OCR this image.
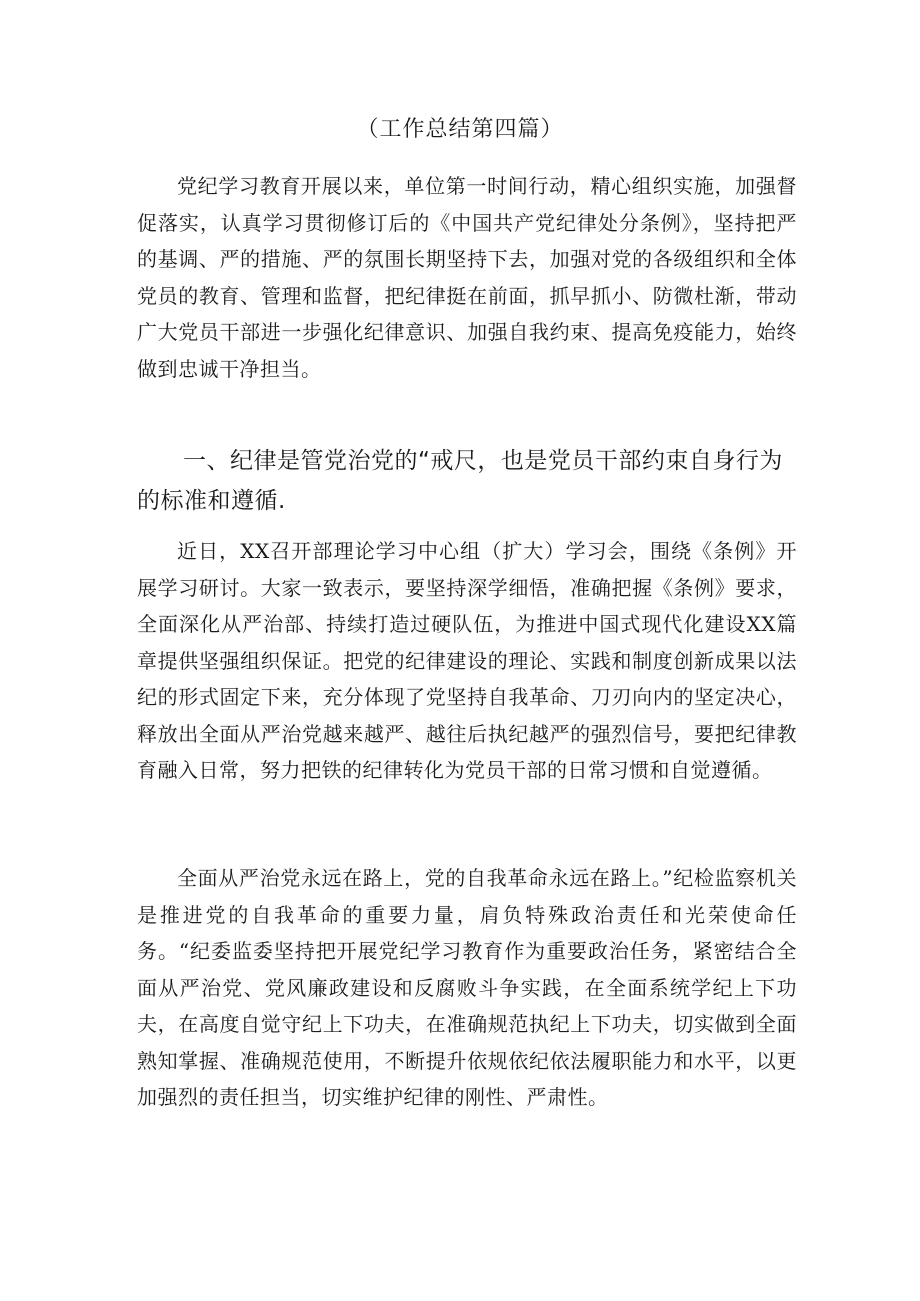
（工作总结第四篇）

党纪学习教育开展以来，单位第一时间行动，精心组织实施，加强督促落实，认真学习贯彻修订后的《中国共产党纪律处分条例》，坚持把严的基调、严的措施、严的氛围长期坚持下去，加强对党的各级组织和全体党员的教育、管理和监督，把纪律挺在前面，抓早抓小、防微杜渐，带动广大党员干部进一步强化纪律意识、加强自我约束、提高免疫能力，始终做到忠诚干净担当。

一、纪律是管党治党的“戒尺，也是党员干部约束自身行为的标准和遵循.

近日，XX召开部理论学习中心组（扩大）学习会，围绕《条例》开展学习研讨。大家一致表示，要坚持深学细悟，准确把握《条例》要求，全面深化从严治部、持续打造过硬队伍，为推进中国式现代化建设XX篇章提供坚强组织保证。把党的纪律建设的理论、实践和制度创新成果以法纪的形式固定下来，充分体现了党坚持自我革命、刀刃向内的坚定决心，释放出全面从严治党越来越严、越往后执纪越严的强烈信号，要把纪律教育融入日常，努力把铁的纪律转化为党员干部的日常习惯和自觉遵循。

全面从严治党永远在路上，党的自我革命永远在路上。”纪检监察机关是推进党的自我革命的重要力量，肩负特殊政治责任和光荣使命任务。“纪委监委坚持把开展党纪学习教育作为重要政治任务，紧密结合全面从严治党、党风廉政建设和反腐败斗争实践，在全面系统学纪上下功夫，在高度自觉守纪上下功夫，在准确规范执纪上下功夫，切实做到全面熟知掌握、准确规范使用，不断提升依规依纪依法履职能力和水平，以更加强烈的责任担当，切实维护纪律的刚性、严肃性。
